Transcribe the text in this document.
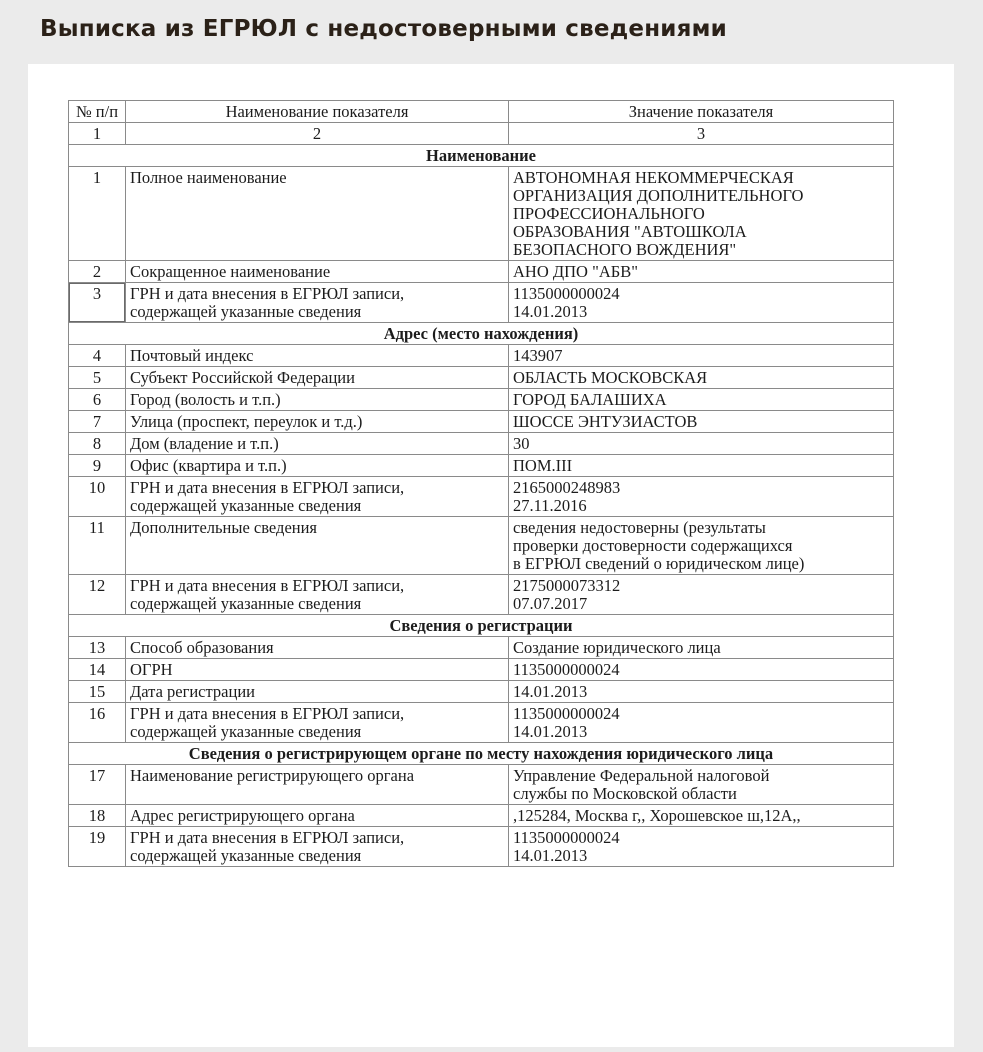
Выписка из ЕГРЮЛ с недостоверными сведениями
№ п/п	Наименование показателя	Значение показателя
1	2	3
Наименование		
1	Полное наименование	АВТОНОМНАЯ НЕКОММЕРЧЕСКАЯ
ОРГАНИЗАЦИЯ ДОПОЛНИТЕЛЬНОГО
ПРОФЕССИОНАЛЬНОГО
ОБРАЗОВАНИЯ "АВТОШКОЛА
БЕЗОПАСНОГО ВОЖДЕНИЯ"
2	Сокращенное наименование	АНО ДПО "АБВ"
3	ГРН и дата внесения в ЕГРЮЛ записи,
содержащей указанные сведения	1135000000024
14.01.2013
Адрес (место нахождения)		
4	Почтовый индекс	143907
5	Субъект Российской Федерации	ОБЛАСТЬ МОСКОВСКАЯ
6	Город (волость и т.п.)	ГОРОД БАЛАШИХА
7	Улица (проспект, переулок и т.д.)	ШОССЕ ЭНТУЗИАСТОВ
8	Дом (владение и т.п.)	30
9	Офис (квартира и т.п.)	ПОМ.III
10	ГРН и дата внесения в ЕГРЮЛ записи,
содержащей указанные сведения	2165000248983
27.11.2016
11	Дополнительные сведения	сведения недостоверны (результаты
проверки достоверности содержащихся
в ЕГРЮЛ сведений о юридическом лице)
12	ГРН и дата внесения в ЕГРЮЛ записи,
содержащей указанные сведения	2175000073312
07.07.2017
Сведения о регистрации		
13	Способ образования	Создание юридического лица
14	ОГРН	1135000000024
15	Дата регистрации	14.01.2013
16	ГРН и дата внесения в ЕГРЮЛ записи,
содержащей указанные сведения	1135000000024
14.01.2013
Сведения о регистрирующем органе по месту нахождения юридического лица		
17	Наименование регистрирующего органа	Управление Федеральной налоговой
службы по Московской области
18	Адрес регистрирующего органа	,125284, Москва г,, Хорошевское ш,12А,,
19	ГРН и дата внесения в ЕГРЮЛ записи,
содержащей указанные сведения	1135000000024
14.01.2013
